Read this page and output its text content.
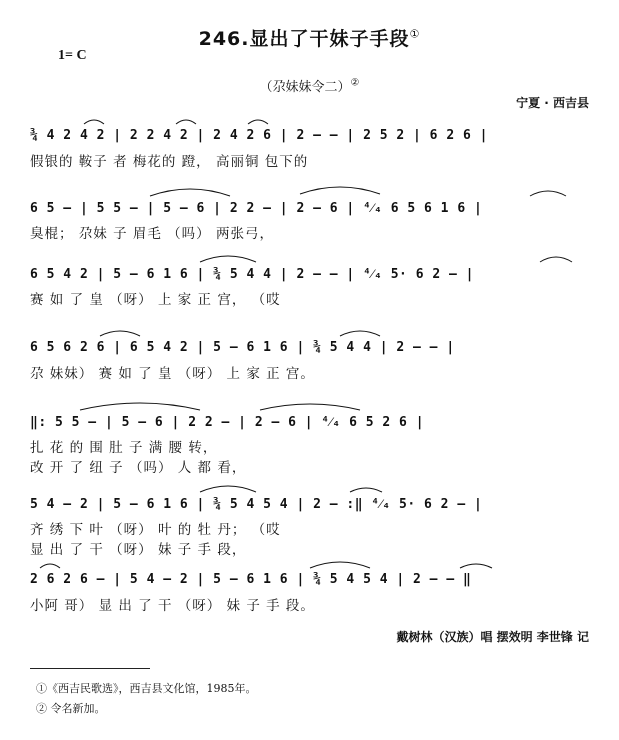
246.显出了干妹子手段①
1= C
（尕妹妹令二）②
宁夏 · 西吉县
¾ 4 2 4 2 | 2 2 4 2 | 2 4 2 6 | 2 — — | 2 5 2 | 6 2 6 |
假银的 鞍子 者 梅花的 蹬， 高丽铜 包下的
6 5 — | 5 5 — | 5 — 6 | 2 2 — | 2 — 6 | ⁴⁄₄ 6 5 6 1 6 |
臭棍； 尕妹 子 眉毛 （吗） 两张弓，
6 5 4 2 | 5 — 6 1 6 | ¾ 5 4 4 | 2 — — | ⁴⁄₄ 5· 6 2 — |
赛 如 了 皇 （呀） 上 家 正 宫， （哎
6 5 6 2 6 | 6 5 4 2 | 5 — 6 1 6 | ¾ 5 4 4 | 2 — — |
尕 妹妹） 赛 如 了 皇 （呀） 上 家 正 宫。
‖: 5 5 — | 5 — 6 | 2 2 — | 2 — 6 | ⁴⁄₄ 6 5 2 6 |
扎 花 的 围 肚 子 满 腰 转，
改 开 了 纽 子 （吗） 人 都 看，
5 4 — 2 | 5 — 6 1 6 | ¾ 5 4 5 4 | 2 — :‖ ⁴⁄₄ 5· 6 2 — |
齐 绣 下 叶 （呀） 叶 的 牡 丹； （哎
显 出 了 干 （呀） 妹 子 手 段，
2 6 2 6 — | 5 4 — 2 | 5 — 6 1 6 | ¾ 5 4 5 4 | 2 — — ‖
小阿 哥） 显 出 了 干 （呀） 妹 子 手 段。
戴树林（汉族）唱 摆效明 李世锋 记
①《西吉民歌选》，西吉县文化馆，1985年。
② 令名新加。
